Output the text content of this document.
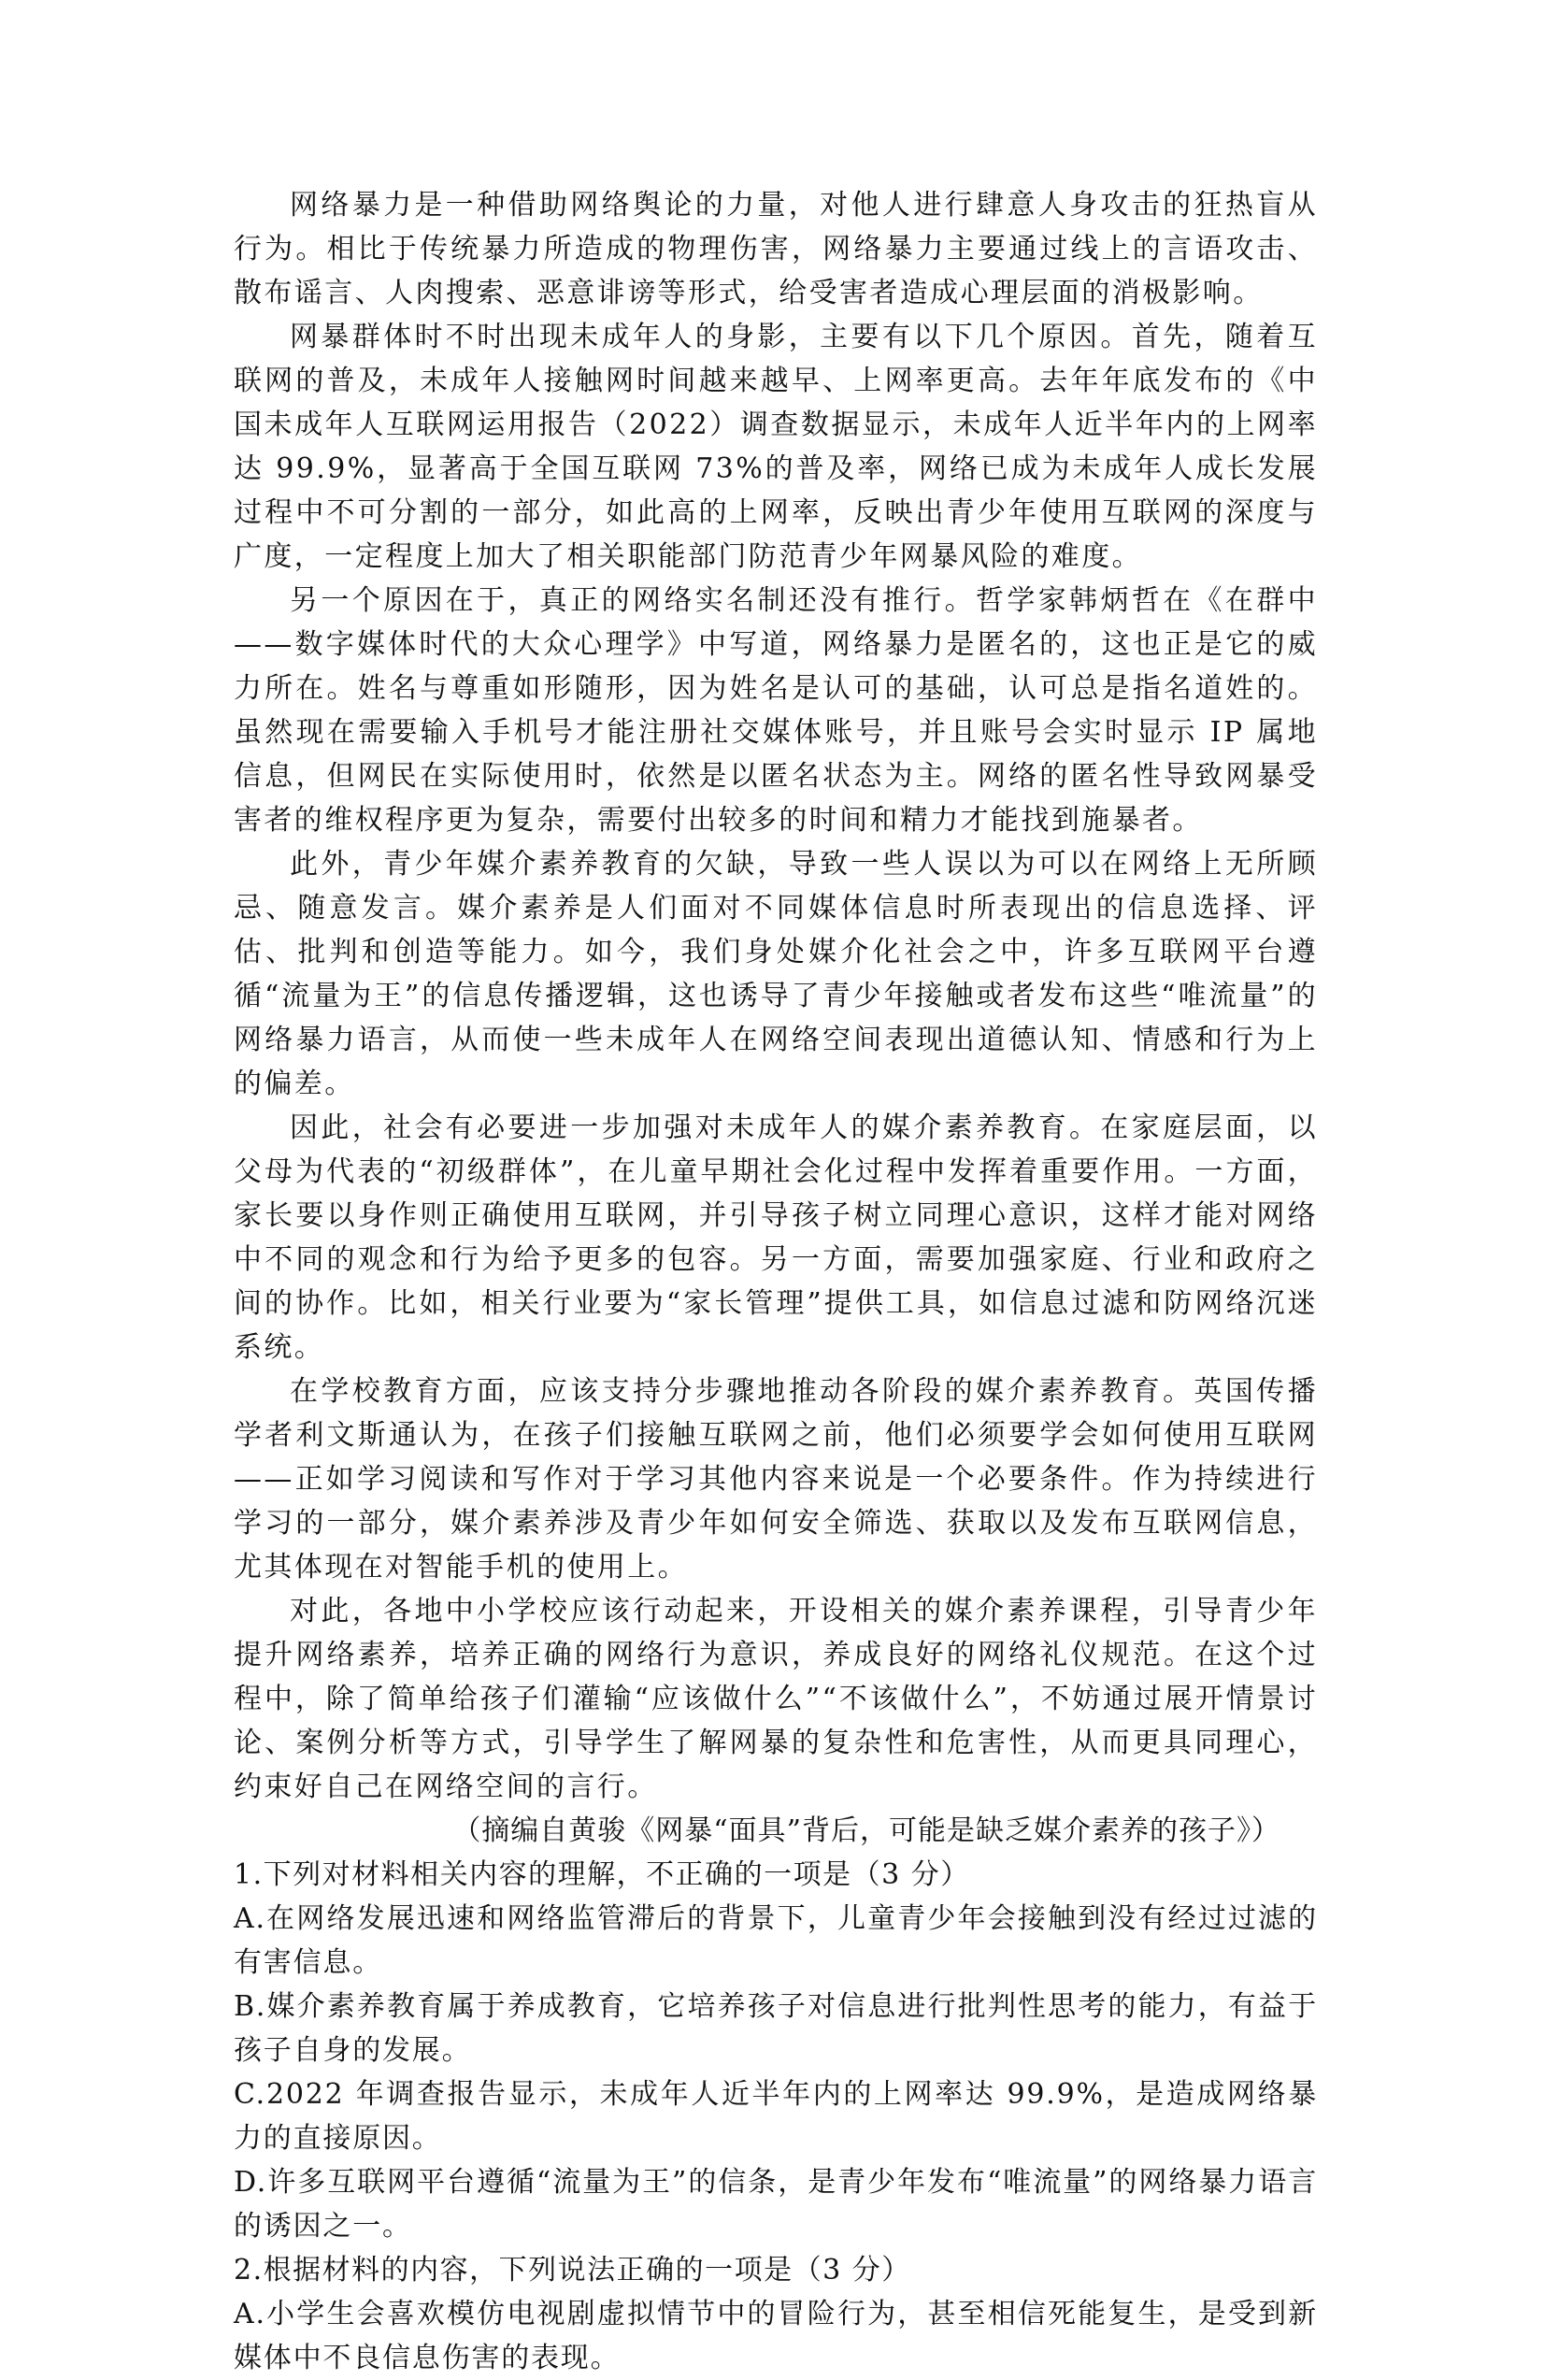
网络暴力是一种借助网络舆论的力量，对他人进行肆意人身攻击的狂热盲从行为。相比于传统暴力所造成的物理伤害，网络暴力主要通过线上的言语攻击、散布谣言、人肉搜索、恶意诽谤等形式，给受害者造成心理层面的消极影响。

网暴群体时不时出现未成年人的身影，主要有以下几个原因。首先，随着互联网的普及，未成年人接触网时间越来越早、上网率更高。去年年底发布的《中国未成年人互联网运用报告（2022）调查数据显示，未成年人近半年内的上网率达 99.9%，显著高于全国互联网 73%的普及率，网络已成为未成年人成长发展过程中不可分割的一部分，如此高的上网率，反映出青少年使用互联网的深度与广度，一定程度上加大了相关职能部门防范青少年网暴风险的难度。

另一个原因在于，真正的网络实名制还没有推行。哲学家韩炳哲在《在群中——数字媒体时代的大众心理学》中写道，网络暴力是匿名的，这也正是它的威力所在。姓名与尊重如形随形，因为姓名是认可的基础，认可总是指名道姓的。虽然现在需要输入手机号才能注册社交媒体账号，并且账号会实时显示 IP 属地信息，但网民在实际使用时，依然是以匿名状态为主。网络的匿名性导致网暴受害者的维权程序更为复杂，需要付出较多的时间和精力才能找到施暴者。

此外，青少年媒介素养教育的欠缺，导致一些人误以为可以在网络上无所顾忌、随意发言。媒介素养是人们面对不同媒体信息时所表现出的信息选择、评估、批判和创造等能力。如今，我们身处媒介化社会之中，许多互联网平台遵循“流量为王”的信息传播逻辑，这也诱导了青少年接触或者发布这些“唯流量”的网络暴力语言，从而使一些未成年人在网络空间表现出道德认知、情感和行为上的偏差。

因此，社会有必要进一步加强对未成年人的媒介素养教育。在家庭层面，以父母为代表的“初级群体”，在儿童早期社会化过程中发挥着重要作用。一方面，家长要以身作则正确使用互联网，并引导孩子树立同理心意识，这样才能对网络中不同的观念和行为给予更多的包容。另一方面，需要加强家庭、行业和政府之间的协作。比如，相关行业要为“家长管理”提供工具，如信息过滤和防网络沉迷系统。

在学校教育方面，应该支持分步骤地推动各阶段的媒介素养教育。英国传播学者利文斯通认为，在孩子们接触互联网之前，他们必须要学会如何使用互联网——正如学习阅读和写作对于学习其他内容来说是一个必要条件。作为持续进行学习的一部分，媒介素养涉及青少年如何安全筛选、获取以及发布互联网信息，尤其体现在对智能手机的使用上。

对此，各地中小学校应该行动起来，开设相关的媒介素养课程，引导青少年提升网络素养，培养正确的网络行为意识，养成良好的网络礼仪规范。在这个过程中，除了简单给孩子们灌输“应该做什么”“不该做什么”，不妨通过展开情景讨论、案例分析等方式，引导学生了解网暴的复杂性和危害性，从而更具同理心，约束好自己在网络空间的言行。

（摘编自黄骏《网暴“面具”背后，可能是缺乏媒介素养的孩子》）

1.下列对材料相关内容的理解，不正确的一项是（3 分）

A.在网络发展迅速和网络监管滞后的背景下，儿童青少年会接触到没有经过过滤的有害信息。

B.媒介素养教育属于养成教育，它培养孩子对信息进行批判性思考的能力，有益于孩子自身的发展。

C.2022 年调查报告显示，未成年人近半年内的上网率达 99.9%，是造成网络暴力的直接原因。

D.许多互联网平台遵循“流量为王”的信条，是青少年发布“唯流量”的网络暴力语言的诱因之一。

2.根据材料的内容，下列说法正确的一项是（3 分）

A.小学生会喜欢模仿电视剧虚拟情节中的冒险行为，甚至相信死能复生，是受到新媒体中不良信息伤害的表现。
